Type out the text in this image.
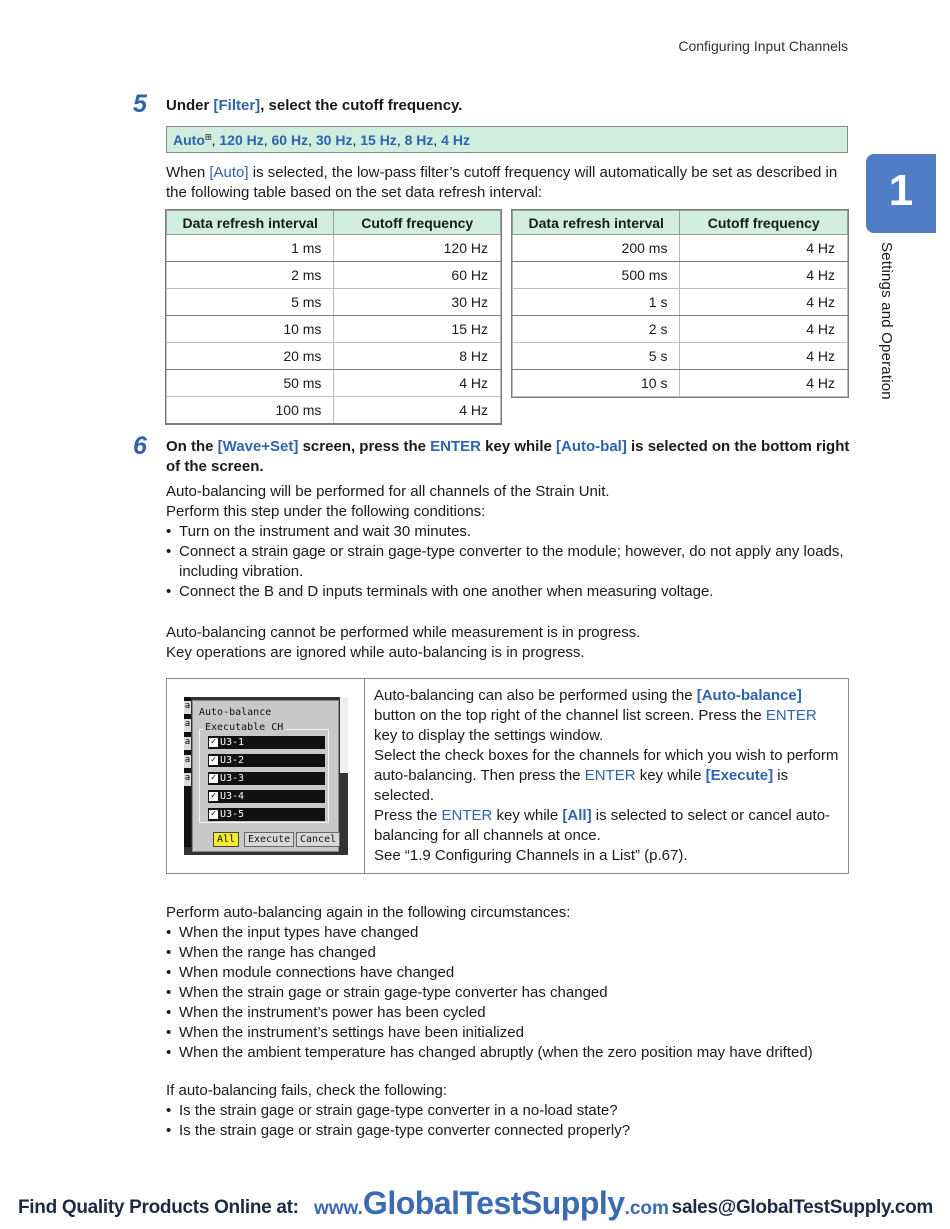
Configuring Input Channels
1
Settings and Operation
5 Under [Filter], select the cutoff frequency.
Auto⊞, 120 Hz, 60 Hz, 30 Hz, 15 Hz, 8 Hz, 4 Hz
When [Auto] is selected, the low-pass filter’s cutoff frequency will automatically be set as described in the following table based on the set data refresh interval:
Data refresh interval	Cutoff frequency
1 ms	120 Hz
2 ms	60 Hz
5 ms	30 Hz
10 ms	15 Hz
20 ms	8 Hz
50 ms	4 Hz
100 ms	4 Hz
Data refresh interval	Cutoff frequency
200 ms	4 Hz
500 ms	4 Hz
1 s	4 Hz
2 s	4 Hz
5 s	4 Hz
10 s	4 Hz
6 On the [Wave+Set] screen, press the ENTER key while [Auto-bal] is selected on the bottom right of the screen.

Auto-balancing will be performed for all channels of the Strain Unit.

Perform this step under the following conditions:

• Turn on the instrument and wait 30 minutes.
• Connect a strain gage or strain gage-type converter to the module; however, do not apply any loads, including vibration.
• Connect the B and D inputs terminals with one another when measuring voltage.

Auto-balancing cannot be performed while measurement is in progress.

Key operations are ignored while auto-balancing is in progress.

a
a
a
a
a
Auto-balance
Executable CH
✓ U3-1
✓ U3-2
✓ U3-3
✓ U3-4
✓ U3-5
All	Execute Cancel

Auto-balancing can also be performed using the [Auto-balance] button on the top right of the channel list screen. Press the ENTER key to display the settings window.

Select the check boxes for the channels for which you wish to perform auto-balancing. Then press the ENTER key while [Execute] is selected.

Press the ENTER key while [All] is selected to select or cancel auto-balancing for all channels at once.

See “1.9 Configuring Channels in a List” (p.67).

Perform auto-balancing again in the following circumstances:

• When the input types have changed
• When the range has changed
• When module connections have changed
• When the strain gage or strain gage-type converter has changed
• When the instrument’s power has been cycled
• When the instrument’s settings have been initialized
• When the ambient temperature has changed abruptly (when the zero position may have drifted)

If auto-balancing fails, check the following:

• Is the strain gage or strain gage-type converter in a no-load state?
• Is the strain gage or strain gage-type converter connected properly?
Find Quality Products Online at: www.GlobalTestSupply.com sales@GlobalTestSupply.com
